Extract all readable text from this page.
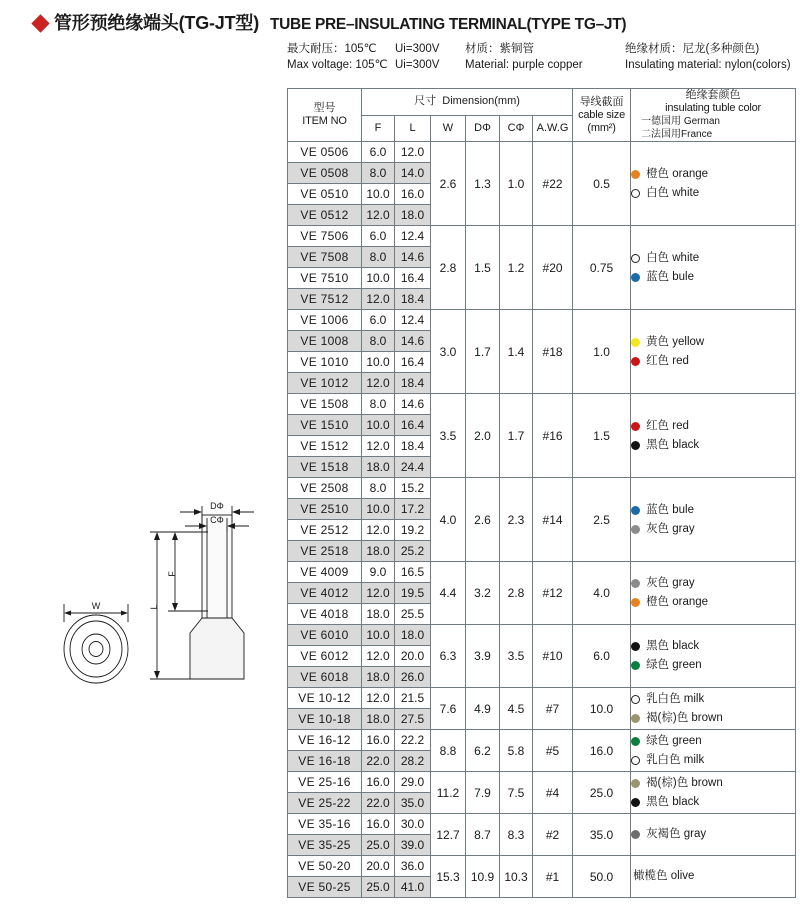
管形预绝缘端头(TG-JT型) TUBE PRE–INSULATING TERMINAL(TYPE TG–JT)
最大耐压：105℃	Ui=300V 材质：紫铜管	绝缘材质：尼龙(多种颜色)
Max voltage: 105℃ Ui=300V Material: purple copper	Insulating material: nylon(colors)
W
DΦ
CΦ
F
L
型号
ITEM NO	尺寸 Dimension(mm)						导线截面
cable size
(mm²)	绝缘套颜色
insulating tuble color
一德国用 German
二法国用France

	F	L	W	DΦ	CΦ	A.W.G		
VE 0506	6.0	12.0	2.6	1.3	1.0	#22	0.5	橙色 orange
白色 white

VE 0508	8.0	14.0						
VE 0510	10.0	16.0						
VE 0512	12.0	18.0						
VE 7506	6.0	12.4	2.8	1.5	1.2	#20	0.75	白色 white
蓝色 bule

VE 7508	8.0	14.6						
VE 7510	10.0	16.4						
VE 7512	12.0	18.4						
VE 1006	6.0	12.4	3.0	1.7	1.4	#18	1.0	黄色 yellow
红色 red

VE 1008	8.0	14.6						
VE 1010	10.0	16.4						
VE 1012	12.0	18.4						
VE 1508	8.0	14.6	3.5	2.0	1.7	#16	1.5	红色 red
黑色 black

VE 1510	10.0	16.4						
VE 1512	12.0	18.4						
VE 1518	18.0	24.4						
VE 2508	8.0	15.2	4.0	2.6	2.3	#14	2.5	蓝色 bule
灰色 gray

VE 2510	10.0	17.2						
VE 2512	12.0	19.2						
VE 2518	18.0	25.2						
VE 4009	9.0	16.5	4.4	3.2	2.8	#12	4.0	灰色 gray
橙色 orange

VE 4012	12.0	19.5						
VE 4018	18.0	25.5						
VE 6010	10.0	18.0	6.3	3.9	3.5	#10	6.0	黑色 black
绿色 green

VE 6012	12.0	20.0						
VE 6018	18.0	26.0						
VE 10-12	12.0	21.5	7.6	4.9	4.5	#7	10.0	乳白色 milk
褐(棕)色 brown

VE 10-18	18.0	27.5						
VE 16-12	16.0	22.2	8.8	6.2	5.8	#5	16.0	绿色 green
乳白色 milk

VE 16-18	22.0	28.2						
VE 25-16	16.0	29.0	11.2	7.9	7.5	#4	25.0	褐(棕)色 brown
黑色 black

VE 25-22	22.0	35.0						
VE 35-16	16.0	30.0	12.7	8.7	8.3	#2	35.0	灰褐色 gray

VE 35-25	25.0	39.0						
VE 50-20	20.0	36.0	15.3	10.9	10.3	#1	50.0	橄榄色 olive

VE 50-25	25.0	41.0						
